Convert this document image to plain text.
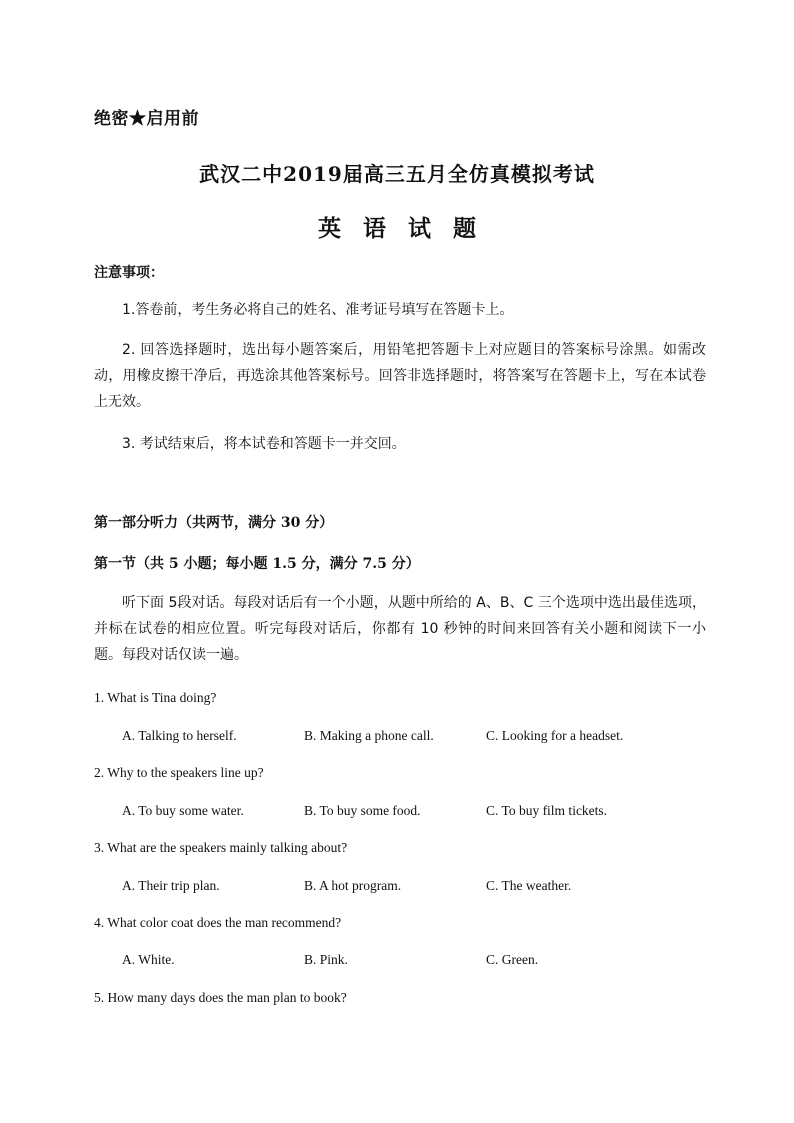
绝密★启用前
武汉二中2019届高三五月全仿真模拟考试
英语试题
注意事项：
1.答卷前，考生务必将自己的姓名、准考证号填写在答题卡上。
2. 回答选择题时，选出每小题答案后，用铅笔把答题卡上对应题目的答案标号涂黑。如需改动，用橡皮擦干净后，再选涂其他答案标号。回答非选择题时，将答案写在答题卡上，写在本试卷上无效。
3. 考试结束后，将本试卷和答题卡一并交回。
第一部分听力（共两节，满分 30 分）
第一节（共 5 小题；每小题 1.5 分，满分 7.5 分）
听下面 5段对话。每段对话后有一个小题，从题中所给的 A、B、C 三个选项中选出最佳选项，并标在试卷的相应位置。听完每段对话后，你都有 10 秒钟的时间来回答有关小题和阅读下一小题。每段对话仅读一遍。
1. What is Tina doing?
A. Talking to herself.	B. Making a phone call.	C. Looking for a headset.
2. Why to the speakers line up?
A. To buy some water.	B. To buy some food.	C. To buy film tickets.
3. What are the speakers mainly talking about?
A. Their trip plan.	B. A hot program.	C. The weather.
4. What color coat does the man recommend?
A. White.	B. Pink.	C. Green.
5. How many days does the man plan to book?
